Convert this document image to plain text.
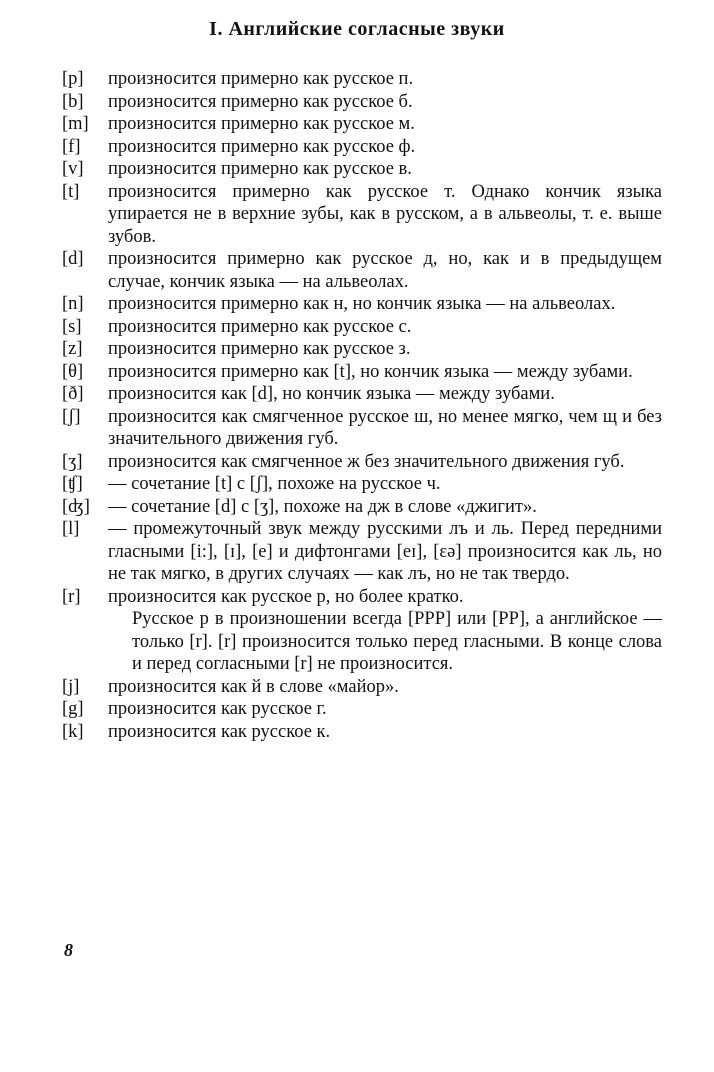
I. Английские согласные звуки
[p]	произносится примерно как русское п.
[b]	произносится примерно как русское б.
[m]	произносится примерно как русское м.
[f]	произносится примерно как русское ф.
[v]	произносится примерно как русское в.
[t]	произносится примерно как русское т. Однако кончик языка упирается не в верхние зубы, как в русском, а в альвеолы, т. е. выше зубов.
[d]	произносится примерно как русское д, но, как и в предыдущем случае, кончик языка — на альвеолах.
[n]	произносится примерно как н, но кончик языка — на альвеолах.
[s]	произносится примерно как русское с.
[z]	произносится примерно как русское з.
[θ]	произносится примерно как [t], но кончик языка — между зубами.
[ð]	произносится как [d], но кончик языка — между зубами.
[ʃ]	произносится как смягченное русское ш, но менее мягко, чем щ и без значительного движения губ.
[ʒ]	произносится как смягченное ж без значительного движения губ.
[ʧ]	— сочетание [t] с [ʃ], похоже на русское ч.
[ʤ] — сочетание [d] с [ʒ], похоже на дж в слове «джигит».
[l]	— промежуточный звук между русскими лъ и ль. Перед передними гласными [i:], [ɪ], [e] и дифтонгами [eɪ], [ɛə] произносится как ль, но не так мягко, в других случаях — как лъ, но не так твердо.
[r]	произносится как русское р, но более кратко.
Русское р в произношении всегда [PPP] или [PP], а английское — только [r]. [r] произносится только перед гласными. В конце слова и перед согласными [r] не произносится.
[j]	произносится как й в слове «майор».
[g]	произносится как русское г.
[k]	произносится как русское к.
8
